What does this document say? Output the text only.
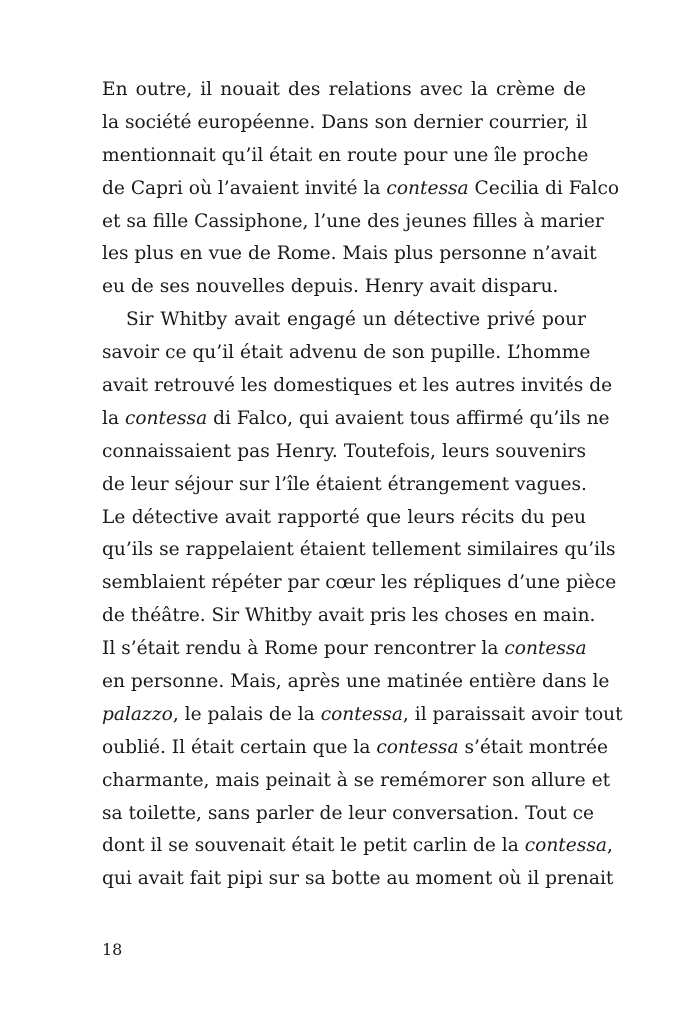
En outre, il nouait des relations avec la crème de
la société européenne. Dans son dernier courrier, il
mentionnait qu’il était en route pour une île proche
de Capri où l’avaient invité la contessa Cecilia di Falco
et sa fille Cassiphone, l’une des jeunes filles à marier
les plus en vue de Rome. Mais plus personne n’avait
eu de ses nouvelles depuis. Henry avait disparu.
Sir Whitby avait engagé un détective privé pour
savoir ce qu’il était advenu de son pupille. L’homme
avait retrouvé les domestiques et les autres invités de
la contessa di Falco, qui avaient tous affirmé qu’ils ne
connaissaient pas Henry. Toutefois, leurs souvenirs
de leur séjour sur l’île étaient étrangement vagues.
Le détective avait rapporté que leurs récits du peu
qu’ils se rappelaient étaient tellement similaires qu’ils
semblaient répéter par cœur les répliques d’une pièce
de théâtre. Sir Whitby avait pris les choses en main.
Il s’était rendu à Rome pour rencontrer la contessa
en personne. Mais, après une matinée entière dans le
palazzo, le palais de la contessa, il paraissait avoir tout
oublié. Il était certain que la contessa s’était montrée
charmante, mais peinait à se remémorer son allure et
sa toilette, sans parler de leur conversation. Tout ce
dont il se souvenait était le petit carlin de la contessa,
qui avait fait pipi sur sa botte au moment où il prenait
18
